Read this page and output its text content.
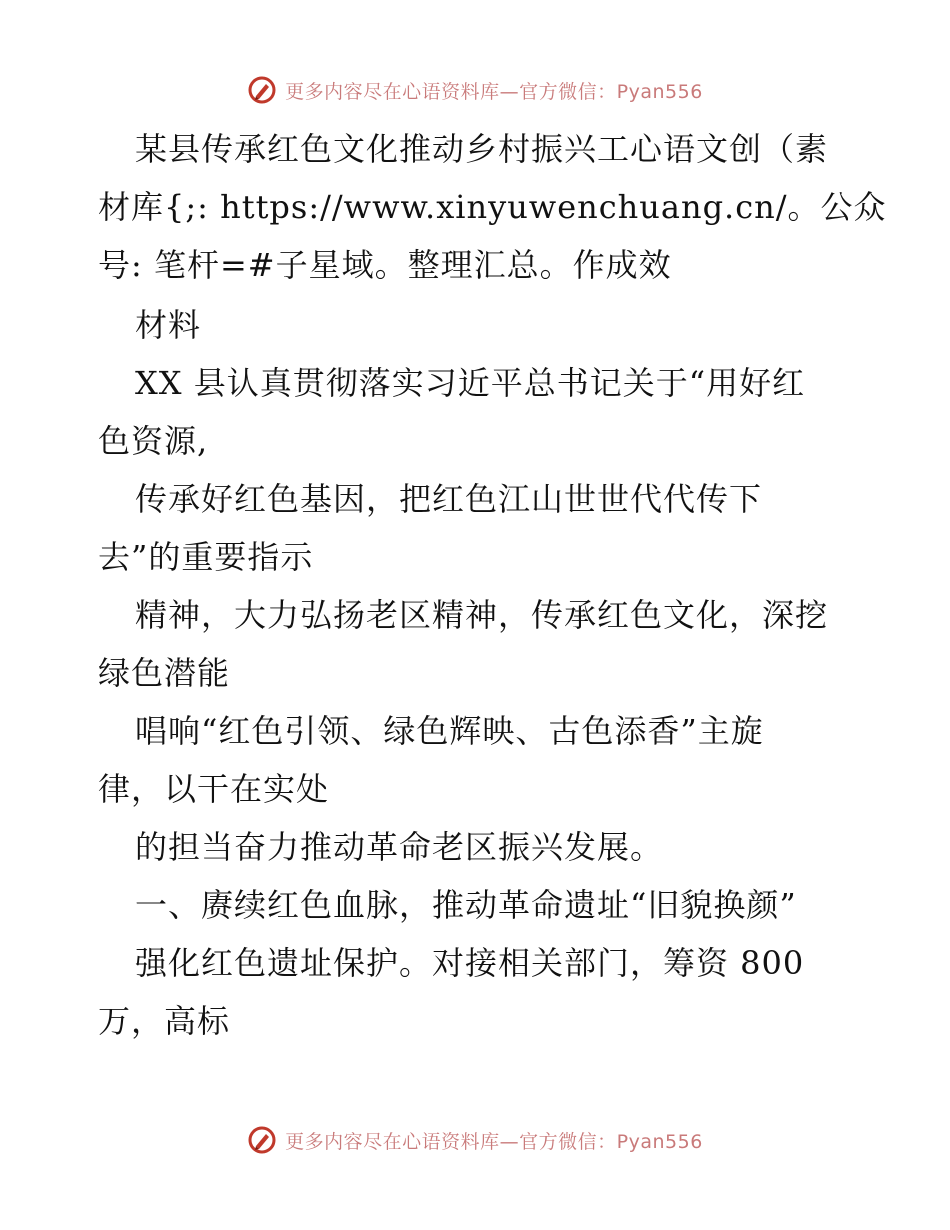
更多内容尽在心语资料库—官方微信：Pyan556
某县传承红色文化推动乡村振兴工心语文创（素
材库{;: https://www.xinyuwenchuang.cn/。公众
号: 笔杆=#子星域。整理汇总。作成效
材料
XX 县认真贯彻落实习近平总书记关于“用好红
色资源,
传承好红色基因，把红色江山世世代代传下
去”的重要指示
精神，大力弘扬老区精神，传承红色文化，深挖
绿色潜能
唱响“红色引领、绿色辉映、古色添香”主旋
律，以干在实处
的担当奋力推动革命老区振兴发展。
一、赓续红色血脉，推动革命遗址“旧貌换颜”
强化红色遗址保护。对接相关部门，筹资 800
万，高标
更多内容尽在心语资料库—官方微信：Pyan556
